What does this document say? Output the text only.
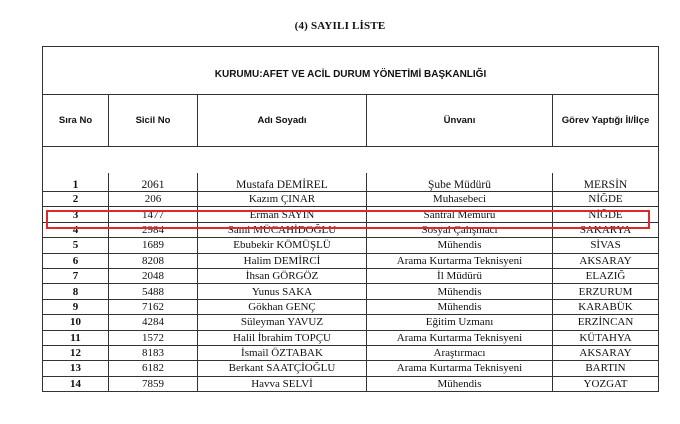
(4) SAYILI LİSTE
KURUMU:AFET VE ACİL DURUM YÖNETİMİ BAŞKANLIĞI
Sıra No	Sicil No	Adı Soyadı	Ünvanı	Görev Yaptığı İl/İlçe
1	2061	Mustafa DEMİREL	Şube Müdürü	MERSİN
2	206	Kazım ÇINAR	Muhasebeci	NİĞDE
3	1477	Erman SAYIN	Santral Memuru	NİĞDE
4	2984	Sami MÜCAHİDOĞLU	Sosyal Çalışmacı	SAKARYA
5	1689	Ebubekir KÖMÜŞLÜ	Mühendis	SİVAS
6	8208	Halim DEMİRCİ	Arama Kurtarma Teknisyeni	AKSARAY
7	2048	İhsan GÖRGÖZ	İl Müdürü	ELAZIĞ
8	5488	Yunus SAKA	Mühendis	ERZURUM
9	7162	Gökhan GENÇ	Mühendis	KARABÜK
10	4284	Süleyman YAVUZ	Eğitim Uzmanı	ERZİNCAN
11	1572	Halil İbrahim TOPÇU	Arama Kurtarma Teknisyeni	KÜTAHYA
12	8183	İsmail ÖZTABAK	Araştırmacı	AKSARAY
13	6182	Berkant SAATÇİOĞLU	Arama Kurtarma Teknisyeni	BARTIN
14	7859	Havva SELVİ	Mühendis	YOZGAT
